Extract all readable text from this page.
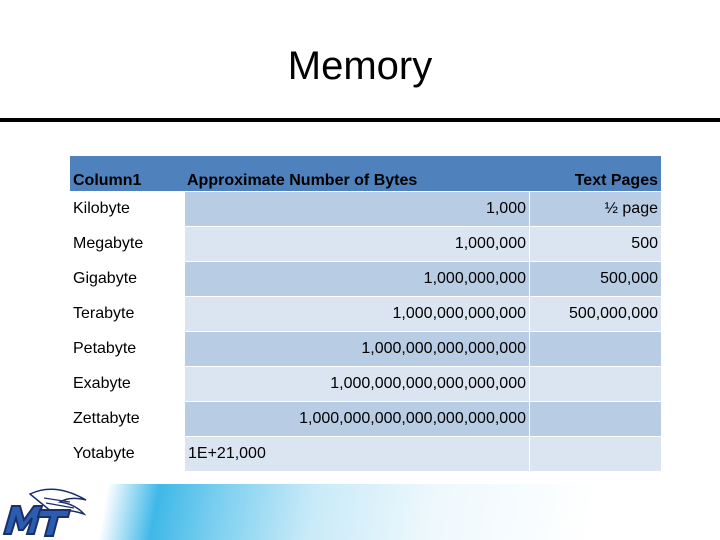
Memory
Column1	Approximate Number of Bytes	Text Pages
Kilobyte	1,000	½ page
Megabyte	1,000,000	500
Gigabyte	1,000,000,000	500,000
Terabyte	1,000,000,000,000	500,000,000
Petabyte	1,000,000,000,000,000	
Exabyte	1,000,000,000,000,000,000	
Zettabyte	1,000,000,000,000,000,000,000	
Yotabyte	1E+21,000	
